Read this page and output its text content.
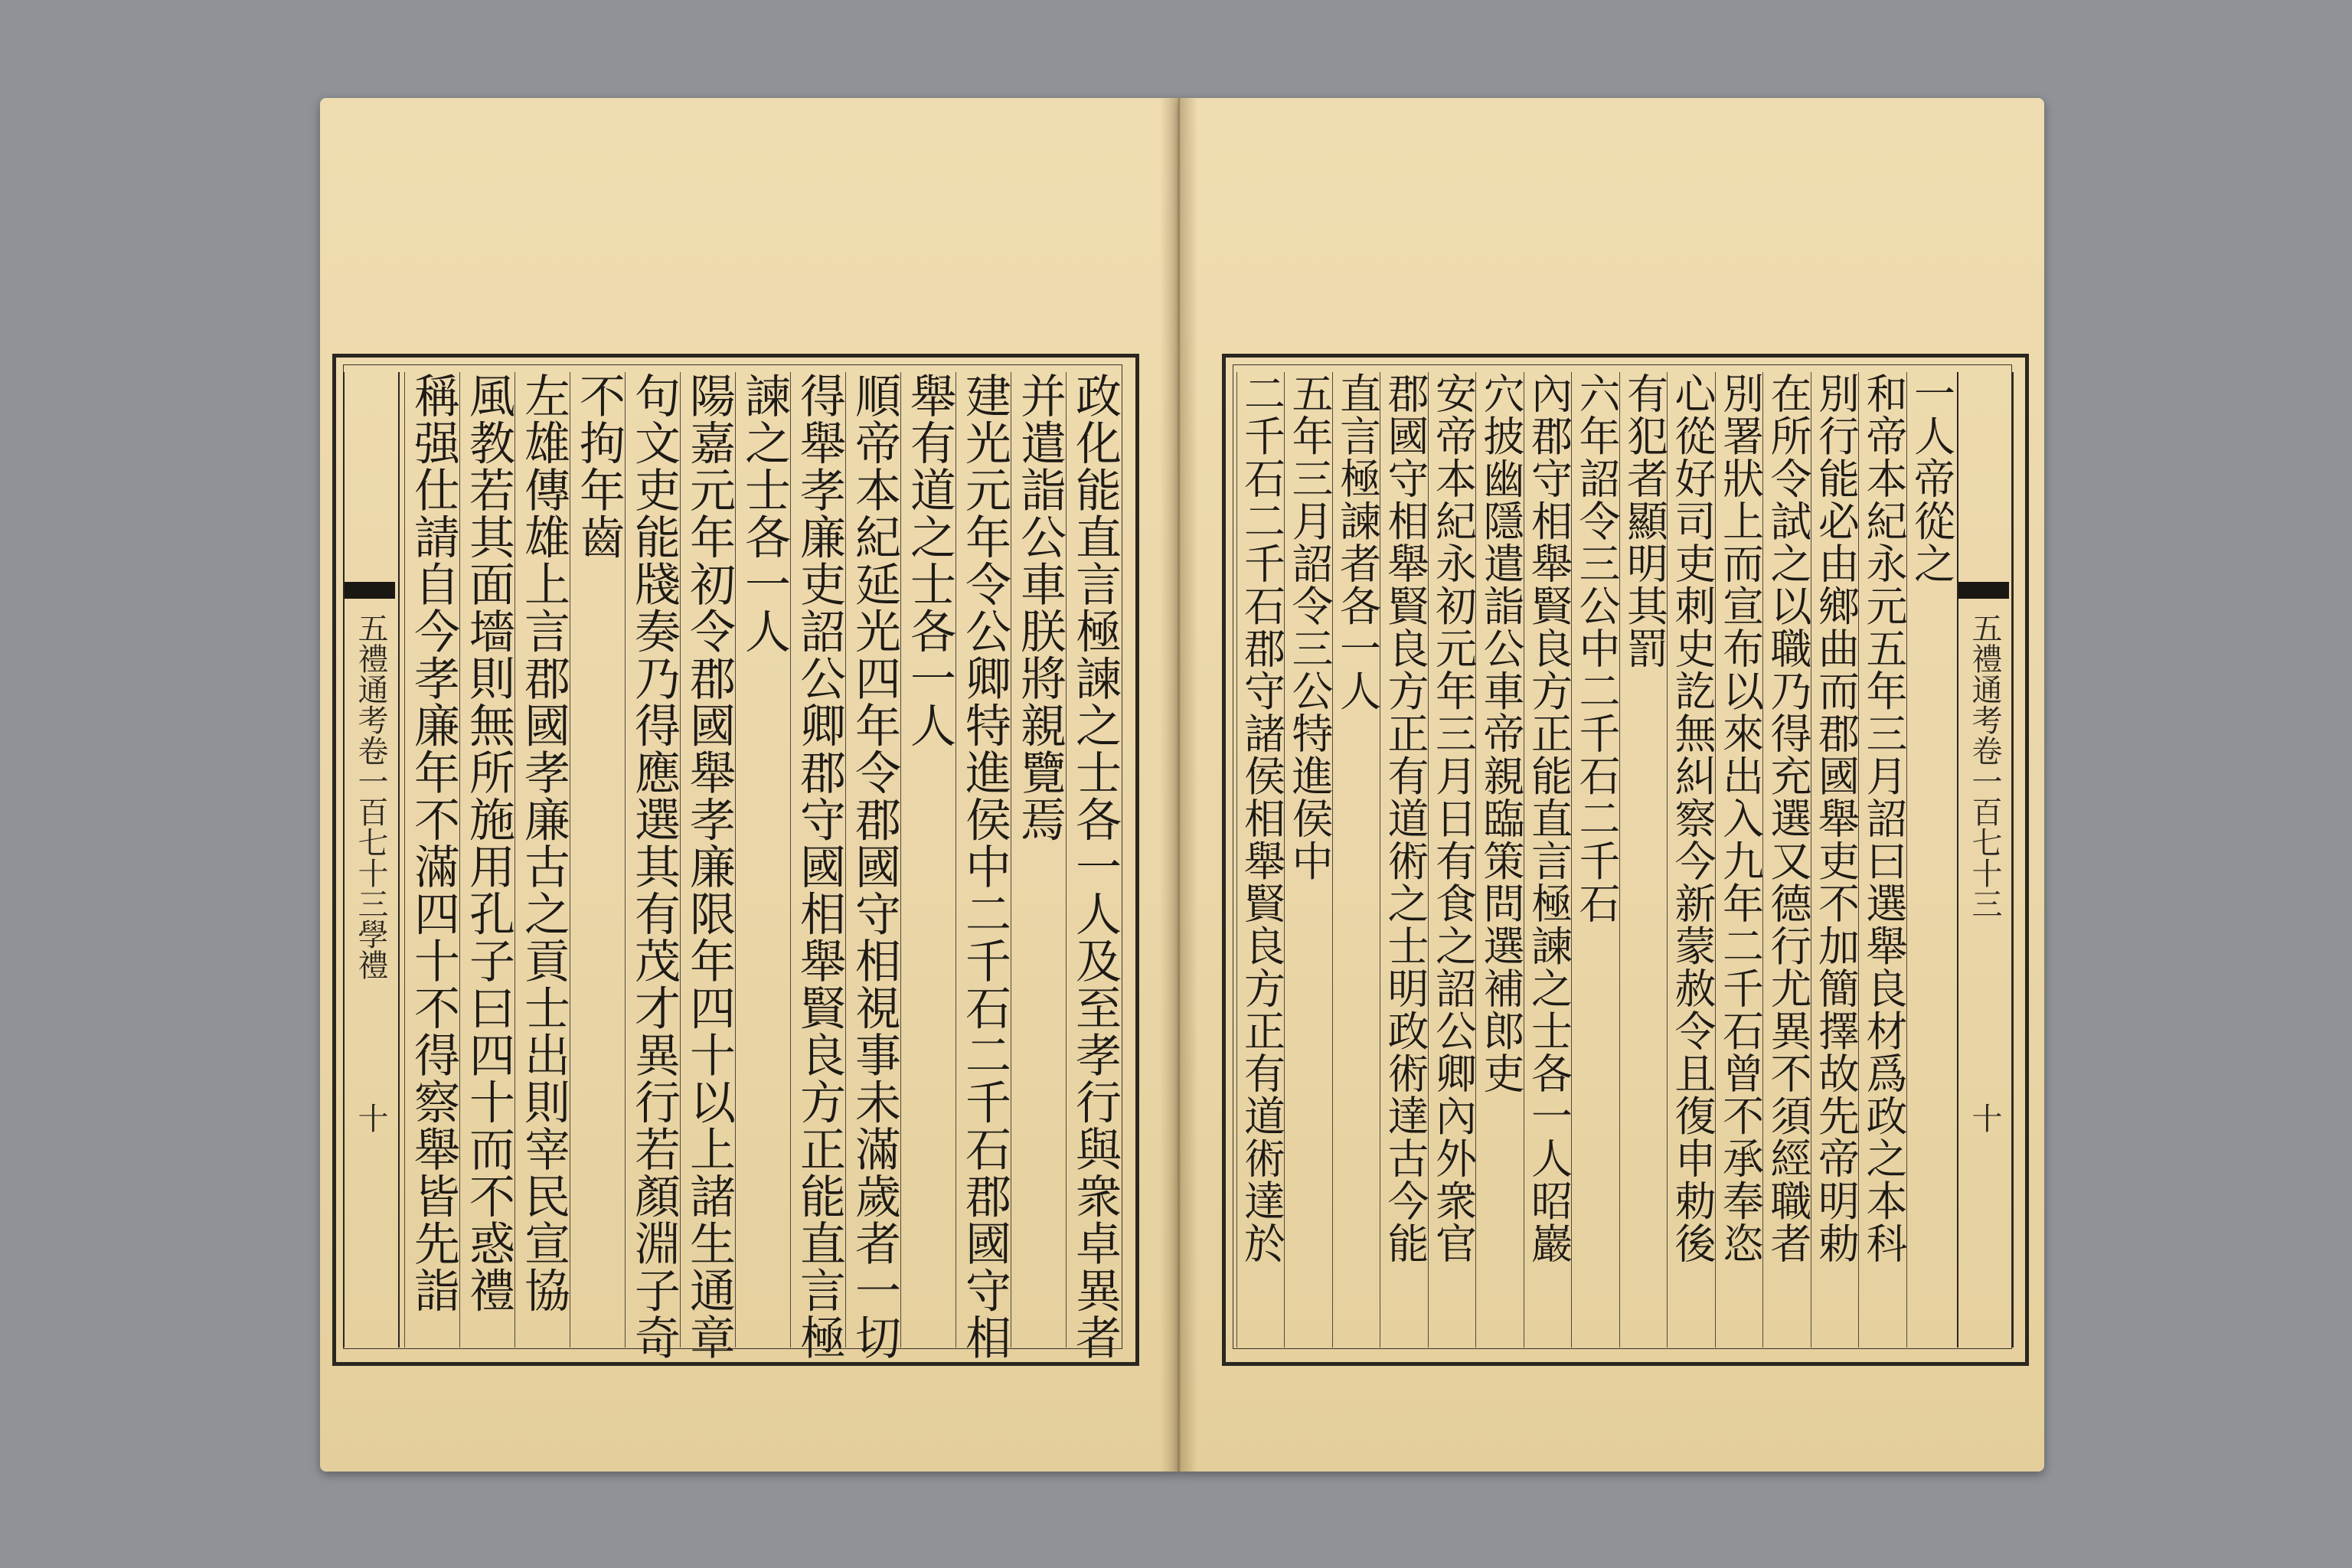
五禮通考卷一百七十三學禮
十
五禮通考卷一百七十三
十
政化能直言極諫之士各一人及至孝行與衆卓異者
并遣詣公車朕將親覽焉
建光元年令公卿特進侯中二千石二千石郡國守相
舉有道之士各一人
順帝本紀延光四年令郡國守相視事未滿歲者一切
得舉孝廉吏詔公卿郡守國相舉賢良方正能直言極
諫之士各一人
陽嘉元年初令郡國舉孝廉限年四十以上諸生通章
句文吏能牋奏乃得應選其有茂才異行若顏淵子奇
不拘年齒
左雄傳雄上言郡國孝廉古之貢士出則宰民宣協
風教若其面墻則無所施用孔子曰四十而不惑禮
稱强仕請自今孝廉年不滿四十不得察舉皆先詣	一人帝從之
和帝本紀永元五年三月詔曰選舉良材爲政之本科
別行能必由鄉曲而郡國舉吏不加簡擇故先帝明勅
在所令試之以職乃得充選又德行尤異不須經職者
別署狀上而宣布以來出入九年二千石曾不承奉恣
心從好司吏刺史訖無糾察今新蒙赦令且復申勅後
有犯者顯明其罰
六年詔令三公中二千石二千石
內郡守相舉賢良方正能直言極諫之士各一人昭巖
穴披幽隱遣詣公車帝親臨策問選補郎吏
安帝本紀永初元年三月日有食之詔公卿內外衆官
郡國守相舉賢良方正有道術之士明政術達古今能
直言極諫者各一人
五年三月詔令三公特進侯中
二千石二千石郡守諸侯相舉賢良方正有道術達於
